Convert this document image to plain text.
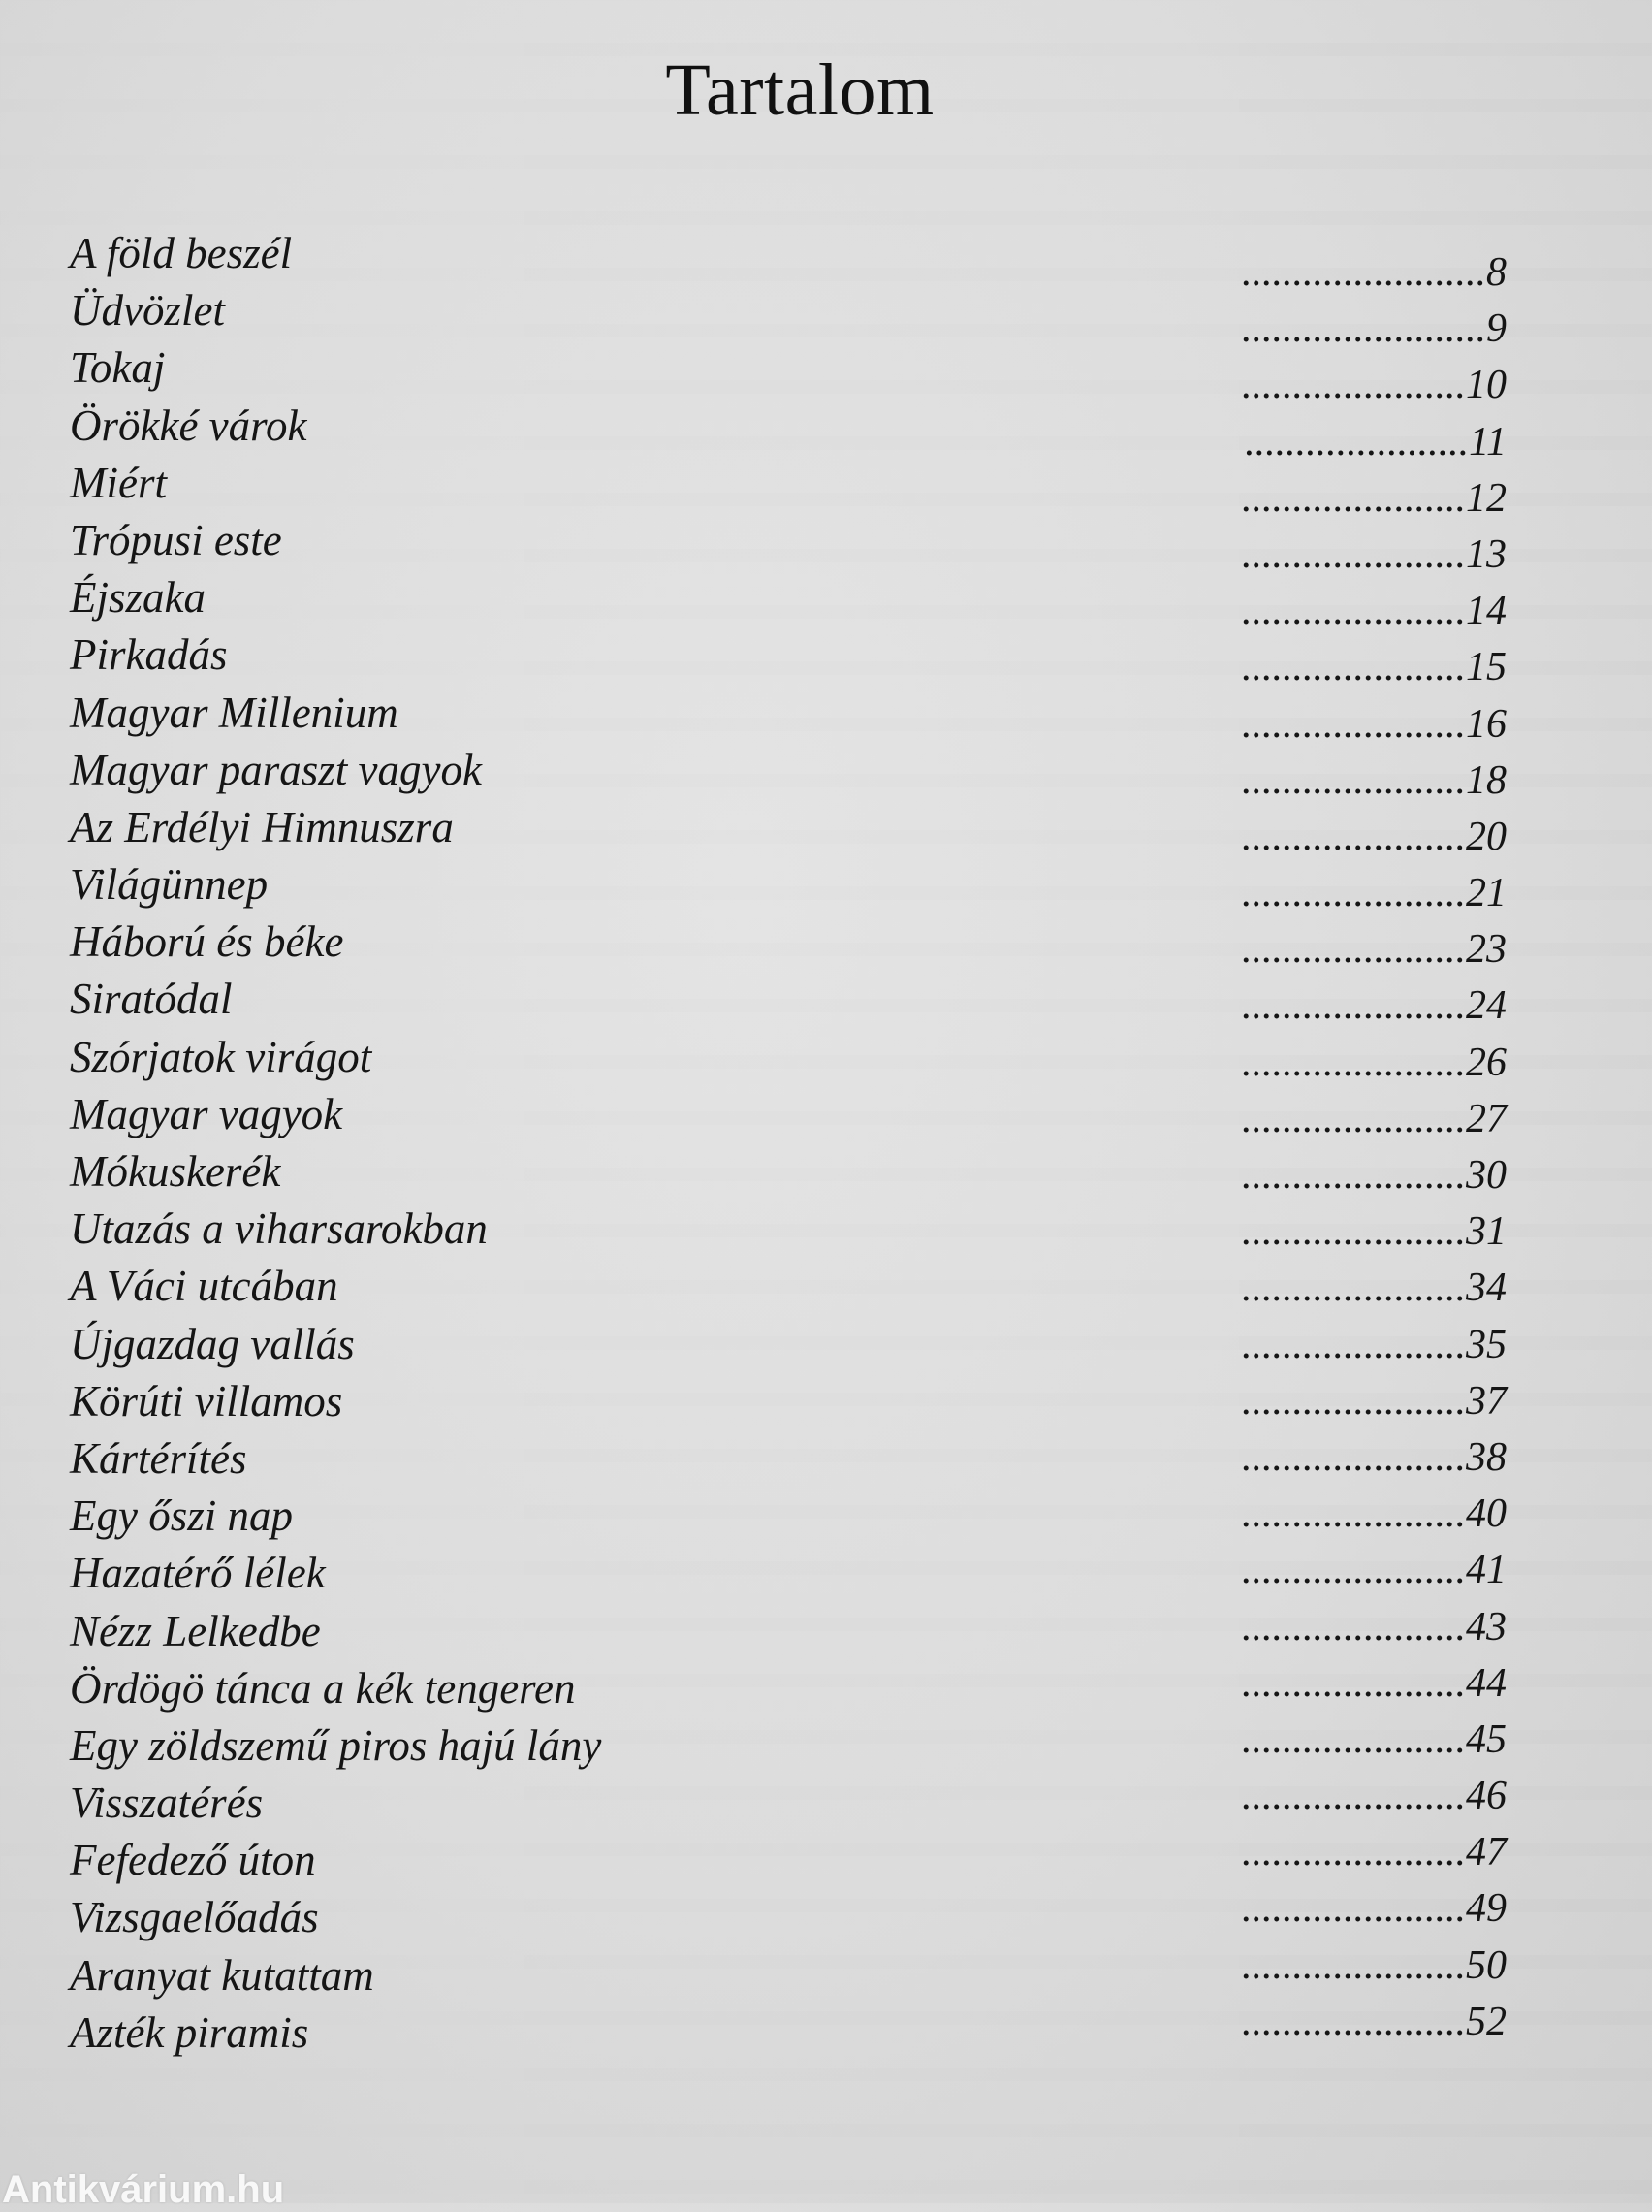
Tartalom
A föld beszél
Üdvözlet
Tokaj
Örökké várok
Miért
Trópusi este
Éjszaka
Pirkadás
Magyar Millenium
Magyar paraszt vagyok
Az Erdélyi Himnuszra
Világünnep
Háború és béke
Siratódal
Szórjatok virágot
Magyar vagyok
Mókuskerék
Utazás a viharsarokban
A Váci utcában
Újgazdag vallás
Körúti villamos
Kártérítés
Egy őszi nap
Hazatérő lélek
Nézz Lelkedbe
Ördögö tánca a kék tengeren
Egy zöldszemű piros hajú lány
Visszatérés
Fefedező úton
Vizsgaelőadás
Aranyat kutattam
Azték piramis
........................8
........................9
......................10
......................11
......................12
......................13
......................14
......................15
......................16
......................18
......................20
......................21
......................23
......................24
......................26
......................27
......................30
......................31
......................34
......................35
......................37
......................38
......................40
......................41
......................43
......................44
......................45
......................46
......................47
......................49
......................50
......................52
Antikvárium.hu
